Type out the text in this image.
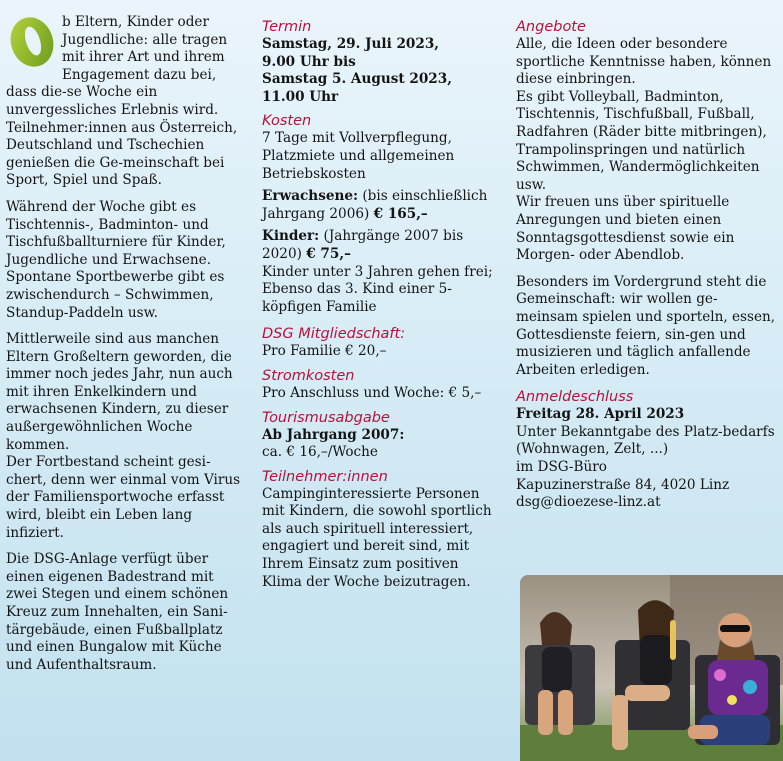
b Eltern, Kinder oder Jugendliche: alle tragen mit ihrer Art und ihrem Engagement dazu bei, dass die-se Woche ein unvergessliches Erlebnis wird. Teilnehmer:innen aus Österreich, Deutschland und Tschechien genießen die Ge-meinschaft bei Sport, Spiel und Spaß.

Während der Woche gibt es Tischtennis-, Badminton- und Tischfußballturniere für Kinder, Jugendliche und Erwachsene. Spontane Sportbewerbe gibt es zwischendurch – Schwimmen, Standup-Paddeln usw.

Mittlerweile sind aus manchen Eltern Großeltern geworden, die immer noch jedes Jahr, nun auch mit ihren Enkelkindern und erwachsenen Kindern, zu dieser außergewöhnlichen Woche kommen.

Der Fortbestand scheint gesi-chert, denn wer einmal vom Virus der Familiensportwoche erfasst wird, bleibt ein Leben lang infiziert.

Die DSG-Anlage verfügt über einen eigenen Badestrand mit zwei Stegen und einem schönen Kreuz zum Innehalten, ein Sani-tärgebäude, einen Fußballplatz und einen Bungalow mit Küche und Aufenthaltsraum.

Termin
Samstag, 29. Juli 2023,
9.00 Uhr bis
Samstag 5. August 2023,
11.00 Uhr
Kosten

7 Tage mit Vollverpflegung, Platzmiete und allgemeinen Betriebskosten

Erwachsene: (bis einschließlich Jahrgang 2006) € 165,–

Kinder: (Jahrgänge 2007 bis 2020) € 75,–

Kinder unter 3 Jahren gehen frei; Ebenso das 3. Kind einer 5-köpfigen Familie

DSG Mitgliedschaft:
Pro Familie € 20,–
Stromkosten
Pro Anschluss und Woche: € 5,–
Tourismusabgabe
Ab Jahrgang 2007:
ca. € 16,–/Woche
Teilnehmer:innen
Campinginteressierte Personen mit Kindern, die sowohl sportlich als auch spirituell interessiert, engagiert und bereit sind, mit Ihrem Einsatz zum positiven Klima der Woche beizutragen.
Angebote
Alle, die Ideen oder besondere sportliche Kenntnisse haben, können diese einbringen.
Es gibt Volleyball, Badminton, Tischtennis, Tischfußball, Fußball, Radfahren (Räder bitte mitbringen), Trampolinspringen und natürlich Schwimmen, Wandermöglichkeiten usw.

Wir freuen uns über spirituelle Anregungen und bieten einen Sonntagsgottesdienst sowie ein Morgen- oder Abendlob.

Besonders im Vordergrund steht die Gemeinschaft: wir wollen ge-meinsam spielen und sporteln, essen, Gottesdienste feiern, sin-gen und musizieren und täglich anfallende Arbeiten erledigen.

Anmeldeschluss
Freitag 28. April 2023
Unter Bekanntgabe des Platz-bedarfs (Wohnwagen, Zelt, ...)
im DSG-Büro
Kapuzinerstraße 84, 4020 Linz
dsg@dioezese-linz.at
